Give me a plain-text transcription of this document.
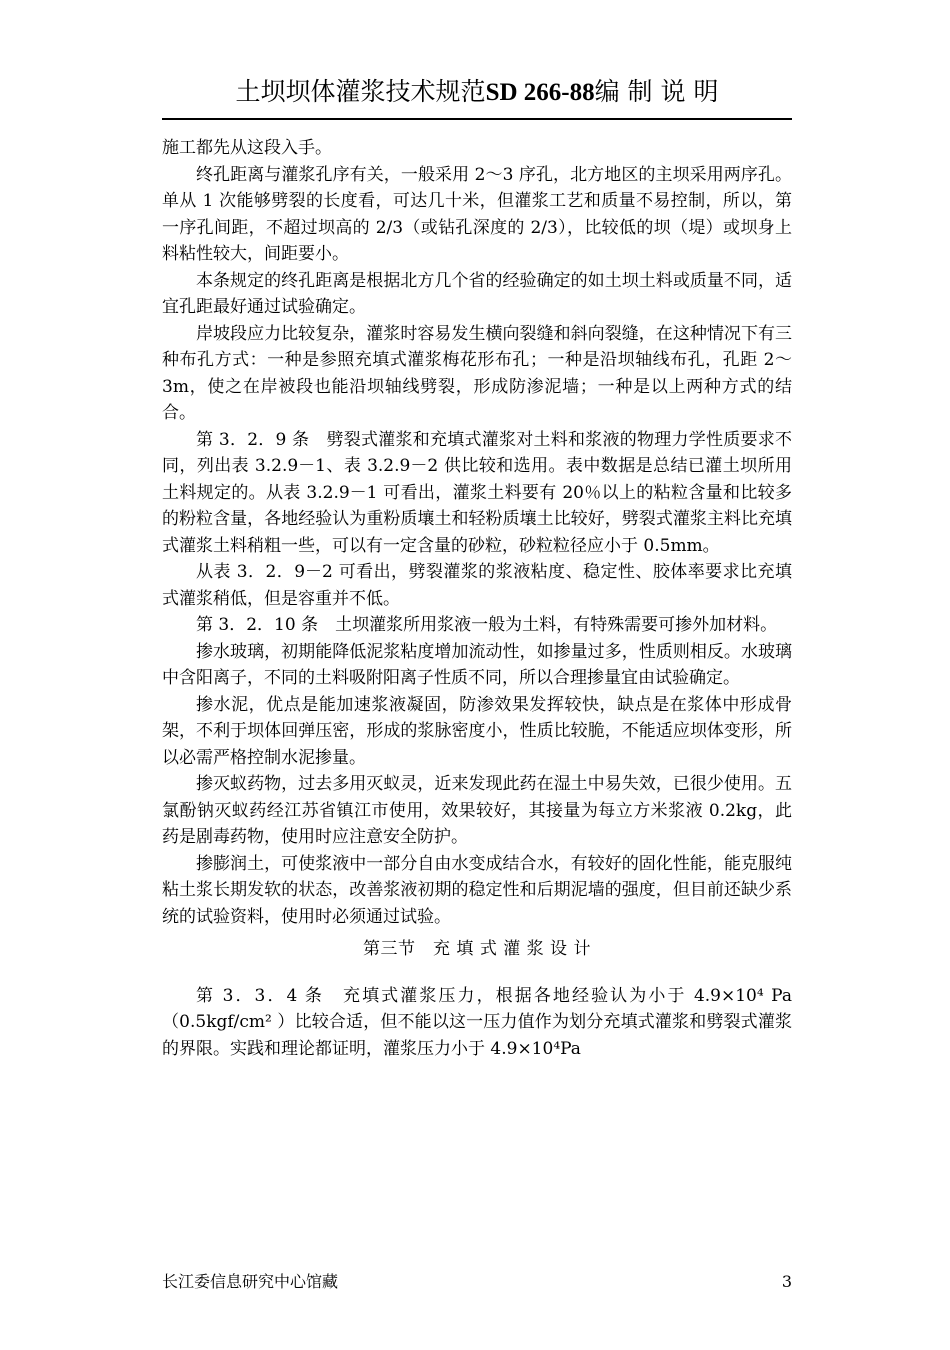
土坝坝体灌浆技术规范SD 266-88编 制 说 明

施工都先从这段入手。

终孔距离与灌浆孔序有关，一般采用 2～3 序孔，北方地区的主坝采用两序孔。单从 1 次能够劈裂的长度看，可达几十米，但灌浆工艺和质量不易控制，所以，第一序孔间距，不超过坝高的 2/3（或钻孔深度的 2/3），比较低的坝（堤）或坝身上料粘性较大，间距要小。

本条规定的终孔距离是根据北方几个省的经验确定的如土坝土料或质量不同，适宜孔距最好通过试验确定。

岸坡段应力比较复杂，灌浆时容易发生横向裂缝和斜向裂缝，在这种情况下有三种布孔方式：一种是参照充填式灌浆梅花形布孔；一种是沿坝轴线布孔，孔距 2～3m，使之在岸被段也能沿坝轴线劈裂，形成防渗泥墙；一种是以上两种方式的结合。

第 3．2．9 条　劈裂式灌浆和充填式灌浆对土料和浆液的物理力学性质要求不同，列出表 3.2.9－1、表 3.2.9－2 供比较和选用。表中数据是总结已灌土坝所用土料规定的。从表 3.2.9－1 可看出，灌浆土料要有 20％以上的粘粒含量和比较多的粉粒含量，各地经验认为重粉质壤土和轻粉质壤土比较好，劈裂式灌浆主料比充填式灌浆土料稍粗一些，可以有一定含量的砂粒，砂粒粒径应小于 0.5mm。

从表 3．2．9－2 可看出，劈裂灌浆的浆液粘度、稳定性、胶体率要求比充填式灌浆稍低，但是容重并不低。

第 3．2．10 条　土坝灌浆所用浆液一般为土料，有特殊需要可掺外加材料。

掺水玻璃，初期能降低泥浆粘度增加流动性，如掺量过多，性质则相反。水玻璃中含阳离子，不同的土料吸附阳离子性质不同，所以合理掺量宜由试验确定。

掺水泥，优点是能加速浆液凝固，防渗效果发挥较快，缺点是在浆体中形成骨架，不利于坝体回弹压密，形成的浆脉密度小，性质比较脆，不能适应坝体变形，所以必需严格控制水泥掺量。

掺灭蚁药物，过去多用灭蚁灵，近来发现此药在湿土中易失效，已很少使用。五氯酚钠灭蚁药经江苏省镇江市使用，效果较好，其接量为每立方米浆液 0.2kg，此药是剧毒药物，使用时应注意安全防护。

掺膨润土，可使浆液中一部分自由水变成结合水，有较好的固化性能，能克服纯粘土浆长期发软的状态，改善浆液初期的稳定性和后期泥墙的强度，但目前还缺少系统的试验资料，使用时必须通过试验。

第三节　充 填 式 灌 浆 设 计

第 3．3．4 条　充填式灌浆压力，根据各地经验认为小于 4.9×10⁴ Pa（0.5kgf/cm² ）比较合适，但不能以这一压力值作为划分充填式灌浆和劈裂式灌浆的界限。实践和理论都证明，灌浆压力小于 4.9×10⁴Pa

长江委信息研究中心馆藏	3
